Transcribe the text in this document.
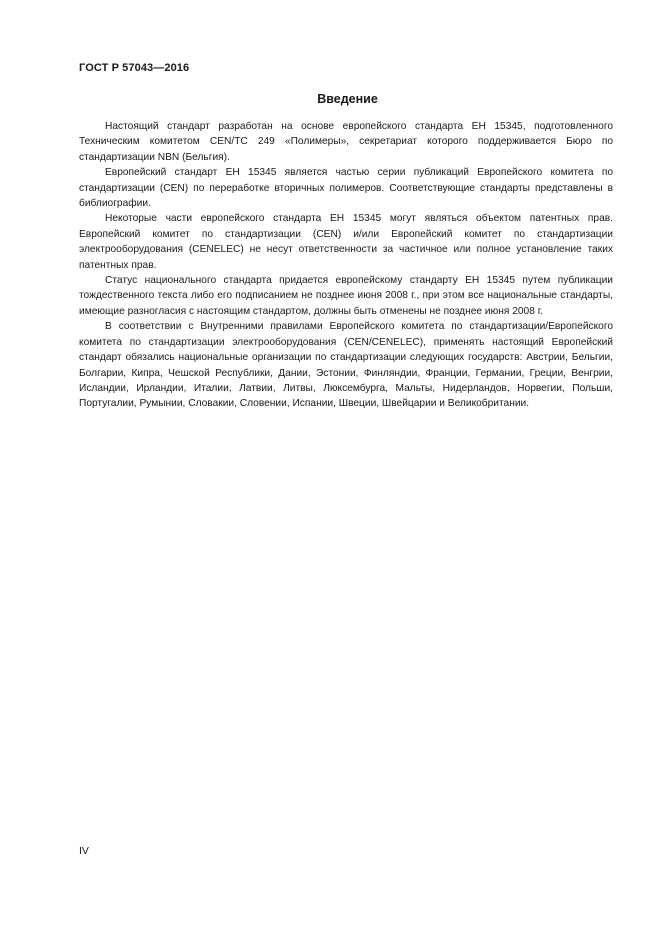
ГОСТ Р 57043—2016
Введение

Настоящий стандарт разработан на основе европейского стандарта ЕН 15345, подготовленного Техническим комитетом CEN/TC 249 «Полимеры», секретариат которого поддерживается Бюро по стандартизации NBN (Бельгия).

Европейский стандарт ЕН 15345 является частью серии публикаций Европейского комитета по стандартизации (CEN) по переработке вторичных полимеров. Соответствующие стандарты представлены в библиографии.

Некоторые части европейского стандарта ЕН 15345 могут являться объектом патентных прав. Европейский комитет по стандартизации (CEN) и/или Европейский комитет по стандартизации электрооборудования (CENELEC) не несут ответственности за частичное или полное установление таких патентных прав.

Статус национального стандарта придается европейскому стандарту ЕН 15345 путем публикации тождественного текста либо его подписанием не позднее июня 2008 г., при этом все национальные стандарты, имеющие разногласия с настоящим стандартом, должны быть отменены не позднее июня 2008 г.

В соответствии с Внутренними правилами Европейского комитета по стандартизации/Европейского комитета по стандартизации электрооборудования (CEN/CENELEC), применять настоящий Европейский стандарт обязались национальные организации по стандартизации следующих государств: Австрии, Бельгии, Болгарии, Кипра, Чешской Республики, Дании, Эстонии, Финляндии, Франции, Германии, Греции, Венгрии, Исландии, Ирландии, Италии, Латвии, Литвы, Люксембурга, Мальты, Нидерландов, Норвегии, Польши, Португалии, Румынии, Словакии, Словении, Испании, Швеции, Швейцарии и Великобритании.

IV
